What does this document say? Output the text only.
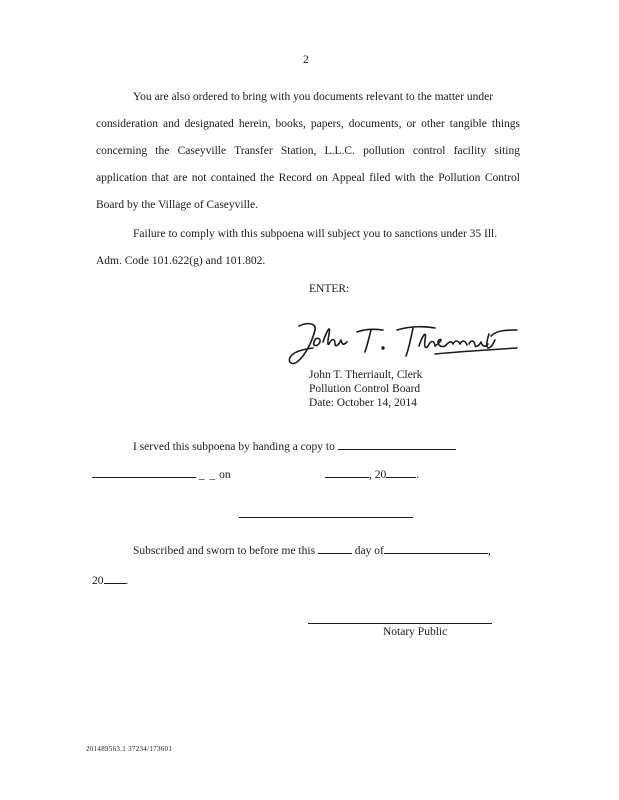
2
You are also ordered to bring with you documents relevant to the matter under
consideration and designated herein, books, papers, documents, or other tangible things
concerning the Caseyville Transfer Station, L.L.C. pollution control facility siting
application that are not contained the Record on Appeal filed with the Pollution Control
Board by the Village of Caseyville.
Failure to comply with this subpoena will subject you to sanctions under 35 Ill.
Adm. Code 101.622(g) and 101.802.
ENTER:
John T. Therriault, Clerk
Pollution Control Board
Date: October 14, 2014
I served this subpoena by handing a copy to
_ _ on	, 20	.
Subscribed and sworn to before me this	day of	,
20 .
Notary Public
201489563.1 37234/173601
